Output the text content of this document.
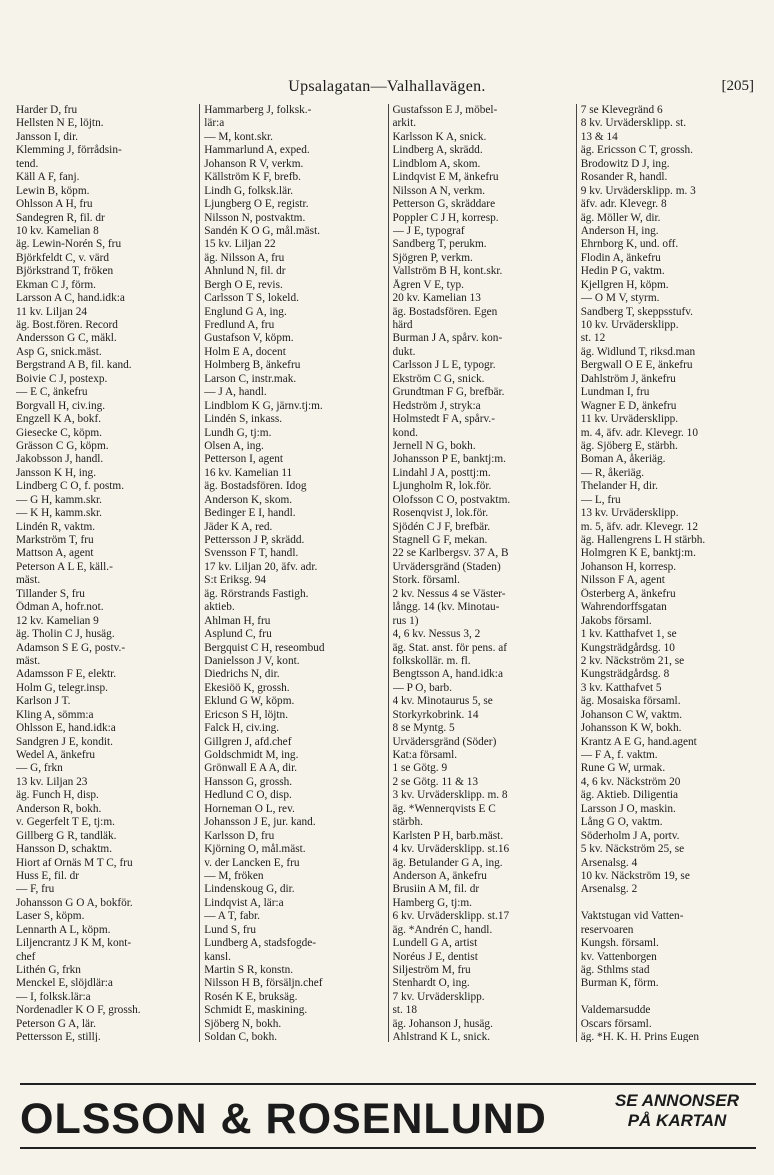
Upsalagatan—Valhallavägen.	[205]
Harder D, fru
Hellsten N E, löjtn.
Jansson I, dir.
Klemming J, förrådsin-
tend.
Käll A F, fanj.
Lewin B, köpm.
Ohlsson A H, fru
Sandegren R, fil. dr
10 kv. Kamelian 8
äg. Lewin-Norén S, fru
Björkfeldt C, v. värd
Björkstrand T, fröken
Ekman C J, förm.
Larsson A C, hand.idk:a
11 kv. Liljan 24
äg. Bost.fören. Record
Andersson G C, mäkl.
Asp G, snick.mäst.
Bergstrand A B, fil. kand.
Boivie C J, postexp.
— E C, änkefru
Borgvall H, civ.ing.
Engzell K A, bokf.
Giesecke C, köpm.
Grässon C G, köpm.
Jakobsson J, handl.
Jansson K H, ing.
Lindberg C O, f. postm.
— G H, kamm.skr.
— K H, kamm.skr.
Lindén R, vaktm.
Markström T, fru
Mattson A, agent
Peterson A L E, käll.-
mäst.
Tillander S, fru
Ödman A, hofr.not.
12 kv. Kamelian 9
äg. Tholin C J, husäg.
Adamson S E G, postv.-
mäst.
Adamsson F E, elektr.
Holm G, telegr.insp.
Karlson J T.
Kling A, sömm:a
Ohlsson E, hand.idk:a
Sandgren J E, kondit.
Wedel A, änkefru
— G, frkn
13 kv. Liljan 23
äg. Funch H, disp.
Anderson R, bokh.
v. Gegerfelt T E, tj:m.
Gillberg G R, tandläk.
Hansson D, schaktm.
Hiort af Ornäs M T C, fru
Huss E, fil. dr
— F, fru
Johansson G O A, bokför.
Laser S, köpm.
Lennarth A L, köpm.
Liljencrantz J K M, kont-
chef
Lithén G, frkn
Menckel E, slöjdlär:a
— I, folksk.lär:a
Nordenadler K O F, grossh.
Peterson G A, lär.
Pettersson E, stillj.
Hammarberg J, folksk.-
lär:a
— M, kont.skr.
Hammarlund A, exped.
Johanson R V, verkm.
Källström K F, brefb.
Lindh G, folksk.lär.
Ljungberg O E, registr.
Nilsson N, postvaktm.
Sandén K O G, mål.mäst.
15 kv. Liljan 22
äg. Nilsson A, fru
Ahnlund N, fil. dr
Bergh O E, revis.
Carlsson T S, lokeld.
Englund G A, ing.
Fredlund A, fru
Gustafson V, köpm.
Holm E A, docent
Holmberg B, änkefru
Larson C, instr.mak.
— J A, handl.
Lindblom K G, järnv.tj:m.
Lindén S, inkass.
Lundh G, tj:m.
Olsen A, ing.
Petterson I, agent
16 kv. Kamelian 11
äg. Bostadsfören. Idog
Anderson K, skom.
Bedinger E I, handl.
Jäder K A, red.
Pettersson J P, skrädd.
Svensson F T, handl.
17 kv. Liljan 20, äfv. adr.
S:t Eriksg. 94
äg. Rörstrands Fastigh.
aktieb.
Ahlman H, fru
Asplund C, fru
Bergquist C H, reseombud
Danielsson J V, kont.
Diedrichs N, dir.
Ekesiöö K, grossh.
Eklund G W, köpm.
Ericson S H, löjtn.
Falck H, civ.ing.
Gillgren J, afd.chef
Goldschmidt M, ing.
Grönwall E A A, dir.
Hansson G, grossh.
Hedlund C O, disp.
Horneman O L, rev.
Johansson J E, jur. kand.
Karlsson D, fru
Kjörning O, mål.mäst.
v. der Lancken E, fru
— M, fröken
Lindenskoug G, dir.
Lindqvist A, lär:a
— A T, fabr.
Lund S, fru
Lundberg A, stadsfogde-
kansl.
Martin S R, konstn.
Nilsson H B, försäljn.chef
Rosén K E, bruksäg.
Schmidt E, maskining.
Sjöberg N, bokh.
Soldan C, bokh.
Gustafsson E J, möbel-
arkit.
Karlsson K A, snick.
Lindberg A, skrädd.
Lindblom A, skom.
Lindqvist E M, änkefru
Nilsson A N, verkm.
Petterson G, skräddare
Poppler C J H, korresp.
— J E, typograf
Sandberg T, perukm.
Sjögren P, verkm.
Vallström B H, kont.skr.
Ågren V E, typ.
20 kv. Kamelian 13
äg. Bostadsfören. Egen
härd
Burman J A, spårv. kon-
dukt.
Carlsson J L E, typogr.
Ekström C G, snick.
Grundtman F G, brefbär.
Hedström J, stryk:a
Holmstedt F A, spårv.-
kond.
Jernell N G, bokh.
Johansson P E, banktj:m.
Lindahl J A, posttj:m.
Ljungholm R, lok.för.
Olofsson C O, postvaktm.
Rosenqvist J, lok.för.
Sjödén C J F, brefbär.
Stagnell G F, mekan.
22 se Karlbergsv. 37 A, B
Urvädersgränd (Staden)
Stork. församl.
2 kv. Nessus 4 se Väster-
långg. 14 (kv. Minotau-
rus 1)
4, 6 kv. Nessus 3, 2
äg. Stat. anst. för pens. af
folkskollär. m. fl.
Bengtsson A, hand.idk:a
— P O, barb.
4 kv. Minotaurus 5, se
Storkyrkobrink. 14
8 se Myntg. 5
Urvädersgränd (Söder)
Kat:a församl.
1 se Götg. 9
2 se Götg. 11 & 13
3 kv. Urvädersklipp. m. 8
äg. *Wennerqvists E C
stärbh.
Karlsten P H, barb.mäst.
4 kv. Urvädersklipp. st.16
äg. Betulander G A, ing.
Anderson A, änkefru
Brusiin A M, fil. dr
Hamberg G, tj:m.
6 kv. Urvädersklipp. st.17
äg. *Andrén C, handl.
Lundell G A, artist
Noréus J E, dentist
Siljeström M, fru
Stenhardt O, ing.
7 kv. Urvädersklipp.
st. 18
äg. Johanson J, husäg.
Ahlstrand K L, snick.
7 se Klevegränd 6
8 kv. Urvädersklipp. st.
13 & 14
äg. Ericsson C T, grossh.
Brodowitz D J, ing.
Rosander R, handl.
9 kv. Urvädersklipp. m. 3
äfv. adr. Klevegr. 8
äg. Möller W, dir.
Anderson H, ing.
Ehrnborg K, und. off.
Flodin A, änkefru
Hedin P G, vaktm.
Kjellgren H, köpm.
— O M V, styrm.
Sandberg T, skeppsstufv.
10 kv. Urvädersklipp.
st. 12
äg. Widlund T, riksd.man
Bergwall O E E, änkefru
Dahlström J, änkefru
Lundman I, fru
Wagner E D, änkefru
11 kv. Urvädersklipp.
m. 4, äfv. adr. Klevegr. 10
äg. Sjöberg E, stärbh.
Boman A, åkeriäg.
— R, åkeriäg.
Thelander H, dir.
— L, fru
13 kv. Urvädersklipp.
m. 5, äfv. adr. Klevegr. 12
äg. Hallengrens L H stärbh.
Holmgren K E, banktj:m.
Johanson H, korresp.
Nilsson F A, agent
Österberg A, änkefru
Wahrendorffsgatan
Jakobs församl.
1 kv. Katthafvet 1, se
Kungsträdgårdsg. 10
2 kv. Näckström 21, se
Kungsträdgårdsg. 8
3 kv. Katthafvet 5
äg. Mosaiska församl.
Johanson C W, vaktm.
Johansson K W, bokh.
Krantz A E G, hand.agent
— F A, f. vaktm.
Rune G W, urmak.
4, 6 kv. Näckström 20
äg. Aktieb. Diligentia
Larsson J O, maskin.
Lång G O, vaktm.
Söderholm J A, portv.
5 kv. Näckström 25, se
Arsenalsg. 4
10 kv. Näckström 19, se
Arsenalsg. 2
Vaktstugan vid Vatten-
reservoaren
Kungsh. församl.
kv. Vattenborgen
äg. Sthlms stad
Burman K, förm.
Valdemarsudde
Oscars församl.
äg. *H. K. H. Prins Eugen
OLSSON & ROSENLUND	SE ANNONSER
PÅ KARTAN
